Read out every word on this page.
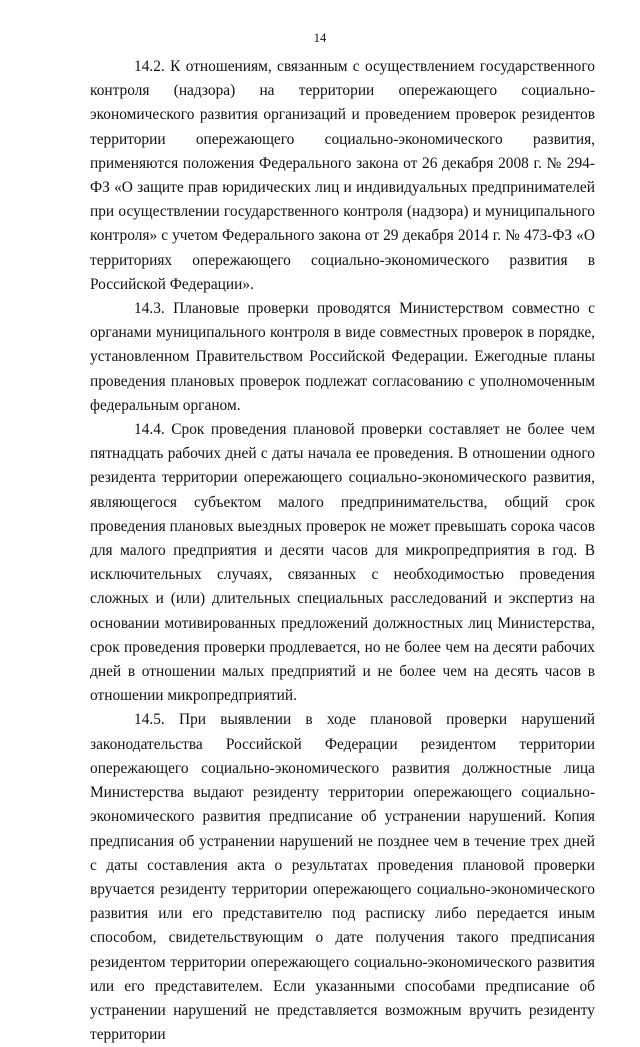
14

14.2. К отношениям, связанным с осуществлением государственного контроля (надзора) на территории опережающего социально-экономического развития организаций и проведением проверок резидентов территории опережающего социально-экономического развития, применяются положения Федерального закона от 26 декабря 2008 г. № 294-ФЗ «О защите прав юридических лиц и индивидуальных предпринимателей при осуществлении государственного контроля (надзора) и муниципального контроля» с учетом Федерального закона от 29 декабря 2014 г. № 473-ФЗ «О территориях опережающего социально-экономического развития в Российской Федерации».

14.3. Плановые проверки проводятся Министерством совместно с органами муниципального контроля в виде совместных проверок в порядке, установленном Правительством Российской Федерации. Ежегодные планы проведения плановых проверок подлежат согласованию с уполномоченным федеральным органом.

14.4. Срок проведения плановой проверки составляет не более чем пятнадцать рабочих дней с даты начала ее проведения. В отношении одного резидента территории опережающего социально-экономического развития, являющегося субъектом малого предпринимательства, общий срок проведения плановых выездных проверок не может превышать сорока часов для малого предприятия и десяти часов для микропредприятия в год. В исключительных случаях, связанных с необходимостью проведения сложных и (или) длительных специальных расследований и экспертиз на основании мотивированных предложений должностных лиц Министерства, срок проведения проверки продлевается, но не более чем на десяти рабочих дней в отношении малых предприятий и не более чем на десять часов в отношении микропредприятий.

14.5. При выявлении в ходе плановой проверки нарушений законодательства Российской Федерации резидентом территории опережающего социально-экономического развития должностные лица Министерства выдают резиденту территории опережающего социально-экономического развития предписание об устранении нарушений. Копия предписания об устранении нарушений не позднее чем в течение трех дней с даты составления акта о результатах проведения плановой проверки вручается резиденту территории опережающего социально-экономического развития или его представителю под расписку либо передается иным способом, свидетельствующим о дате получения такого предписания резидентом территории опережающего социально-экономического развития или его представителем. Если указанными способами предписание об устранении нарушений не представляется возможным вручить резиденту территории
